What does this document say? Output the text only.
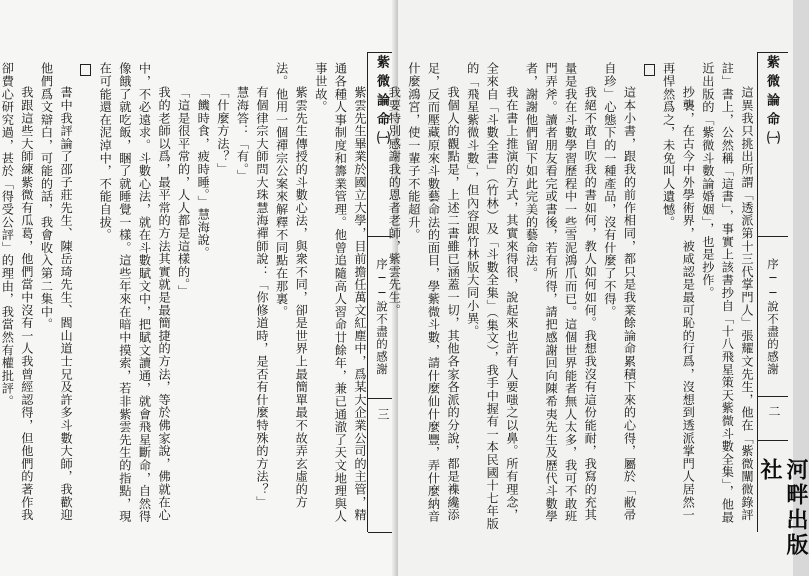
紫雲先生畢業於國立大學，目前擔任萬文紅塵中，爲某大企業公司的主管，精通各種人事制度和籌業管理。他曾追隨高人習命廿餘年，兼已通澈了天文地理與人事世故。

紫雲先生傳授的斗數心法，與衆不同，卻是世界上最簡單最不故弄玄虛的方法。他用一個禪宗公案來解釋不同點在那裏。

有個律宗大師問大珠慧海禪師說：「你修道時，是否有什麼特殊的方法？」

慧海答：「有。」

「什麼方法？」

「饑時食，疲時睡。」慧海說。

「這是很平常的，人人都是這樣的。」

我的老師以爲，最平常的方法其實就是最簡捷的方法，等於佛家說，佛就在心中，不必遠求。斗數心法，就在斗數賦文中，把賦文讀通，就會飛星斷命，自然得像餓了就吃飯，睏了就睡覺一樣。這些年來在暗中摸索，若非紫雲先生的指點，現在可能還在泥淖中，不能自拔。

書中我評論了邵子莊先生、陳岳琦先生、閻山道士兄及許多斗數大師，我歡迎他們爲文辯白，可能的話，我會收入第二集中。

我跟這些大師練紫微有瓜葛，他們當中沒有一人我曾經認得，但他們的著作我卻費心研究過，甚於「得受公評」的理由，我當然有權批評。	紫微論命㈠
序──說不盡的感謝
三	這異我只挑出所謂「透派第十三代掌門人」張耀文先生，他在「紫微闡微錄評註」書上，公然稱「這書」，事實上該書抄自「十八飛星策天紫微斗數全集」，他最近出版的「紫微斗數論婚姻」，也是抄作。

抄襲，在古今中外學術界，被咸認是最可恥的行爲，沒想到透派掌門人居然一再悍然爲之，未免叫人遺憾。

這本小書，跟我的前作相同，都只是我業餘論命累積下來的心得，屬於「敝帚自珍」心態下的一種產品，沒有什麼了不得。

我絕不敢自吹我的書如何，教人如何如何。我想我沒有這份能耐，我寫的充其量是我在斗數學習歷程中一些雪泥鴻爪而已。這個世界能者無人太多，我可不敢班門弄斧。讀者朋友看完或書後，若有所得，請把感謝回向陳希夷先生及歷代斗數學者，謝謝他們留下如此完美的藝命法。

我在書上推演的方式，其實來得很，說起來也許有人要嗤之以鼻。所有理念，全來自「斗數全書」（竹林）及「斗數全集」（集文），我手中握有一本民國十七年版的「飛星紫微斗數」，但內容跟竹林版大同小異。

我個人的觀點是，上述二書雖已涵蓋一切，其他各家各派的分說，都是襍纔添足，反而壓藏原來斗數藝命法的面目，學紫微斗數，請什麼仙什麼豐，弄什麼納音什麼鴻宮，使一輩子不能超升。

我要特別感謝我的恩者老師，紫雲先生。	紫微論命㈠
序──說不盡的感謝
二
河畔出版社
